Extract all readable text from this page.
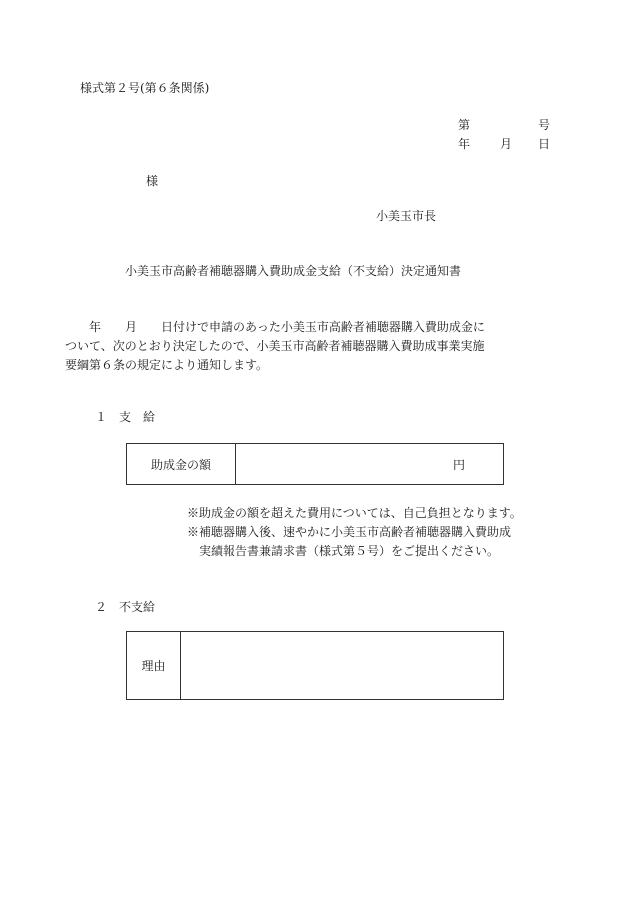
様式第２号(第６条関係)
第	号
年 月 日
様
小美玉市長
小美玉市高齢者補聴器購入費助成金支給（不支給）決定通知書

　　年　　月　　日付けで申請のあった小美玉市高齢者補聴器購入費助成金に

ついて、次のとおり決定したので、小美玉市高齢者補聴器購入費助成事業実施

要綱第６条の規定により通知します。

１　支　給
助成金の額	円
※助成金の額を超えた費用については、自己負担となります。
※補聴器購入後、速やかに小美玉市高齢者補聴器購入費助成
　実績報告書兼請求書（様式第５号）をご提出ください。
２　不支給
理由	
